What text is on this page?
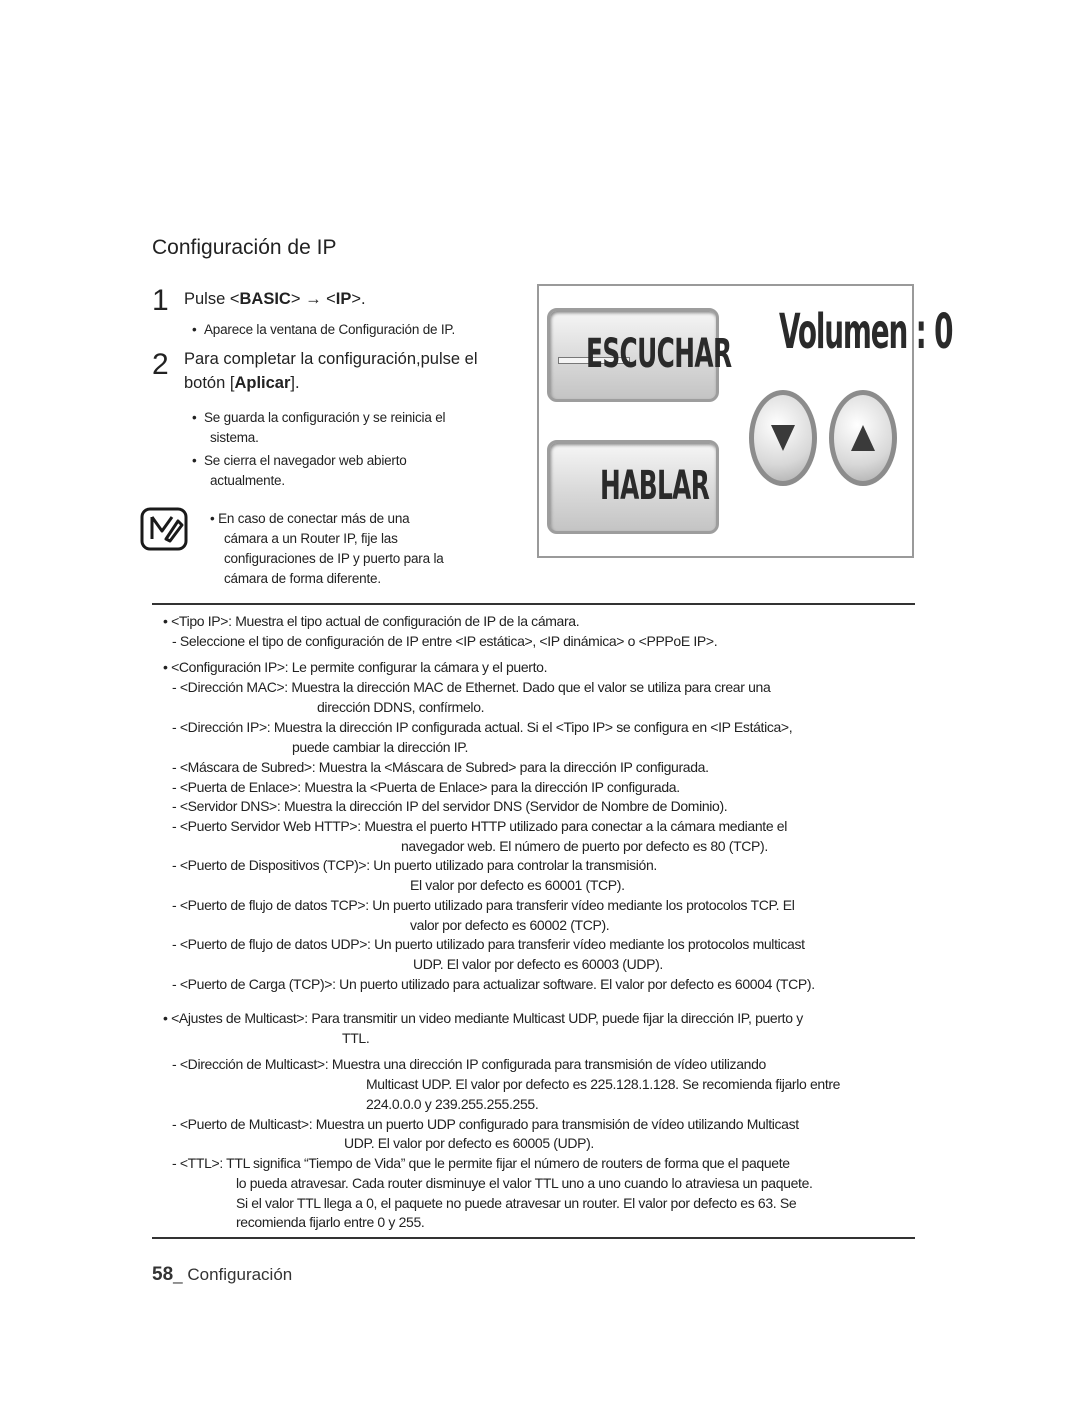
Configuración de IP
1 Pulse <BASIC> → <IP>.
• Aparece la ventana de Configuración de IP.
2 Para completar la configuración,pulse el
botón [Aplicar].
• Se guarda la configuración y se reinicia el
sistema.
• Se cierra el navegador web abierto
actualmente.
• En caso de conectar más de una
cámara a un Router IP, fije las
configuraciones de IP y puerto para la
cámara de forma diferente.
ESCUCHAR
HABLAR
Volumen : 0
• <Tipo IP>: Muestra el tipo actual de configuración de IP de la cámara.
- Seleccione el tipo de configuración de IP entre <IP estática>, <IP dinámica> o <PPPoE IP>.
• <Configuración IP>: Le permite configurar la cámara y el puerto.
- <Dirección MAC>: Muestra la dirección MAC de Ethernet. Dado que el valor se utiliza para crear una
dirección DDNS, confírmelo.
- <Dirección IP>: Muestra la dirección IP configurada actual. Si el <Tipo IP> se configura en <IP Estática>,
puede cambiar la dirección IP.
- <Máscara de Subred>: Muestra la <Máscara de Subred> para la dirección IP configurada.
- <Puerta de Enlace>: Muestra la <Puerta de Enlace> para la dirección IP configurada.
- <Servidor DNS>: Muestra la dirección IP del servidor DNS (Servidor de Nombre de Dominio).
- <Puerto Servidor Web HTTP>: Muestra el puerto HTTP utilizado para conectar a la cámara mediante el
navegador web. El número de puerto por defecto es 80 (TCP).
- <Puerto de Dispositivos (TCP)>: Un puerto utilizado para controlar la transmisión.
El valor por defecto es 60001 (TCP).
- <Puerto de flujo de datos TCP>: Un puerto utilizado para transferir vídeo mediante los protocolos TCP. El
valor por defecto es 60002 (TCP).
- <Puerto de flujo de datos UDP>: Un puerto utilizado para transferir vídeo mediante los protocolos multicast
UDP. El valor por defecto es 60003 (UDP).
- <Puerto de Carga (TCP)>: Un puerto utilizado para actualizar software. El valor por defecto es 60004 (TCP).
• <Ajustes de Multicast>: Para transmitir un video mediante Multicast UDP, puede fijar la dirección IP, puerto y
TTL.
- <Dirección de Multicast>: Muestra una dirección IP configurada para transmisión de vídeo utilizando
Multicast UDP. El valor por defecto es 225.128.1.128. Se recomienda fijarlo entre
224.0.0.0 y 239.255.255.255.
- <Puerto de Multicast>: Muestra un puerto UDP configurado para transmisión de vídeo utilizando Multicast
UDP. El valor por defecto es 60005 (UDP).
- <TTL>: TTL significa “Tiempo de Vida” que le permite fijar el número de routers de forma que el paquete
lo pueda atravesar. Cada router disminuye el valor TTL uno a uno cuando lo atraviesa un paquete.
Si el valor TTL llega a 0, el paquete no puede atravesar un router. El valor por defecto es 63. Se
recomienda fijarlo entre 0 y 255.
58_ Configuración
